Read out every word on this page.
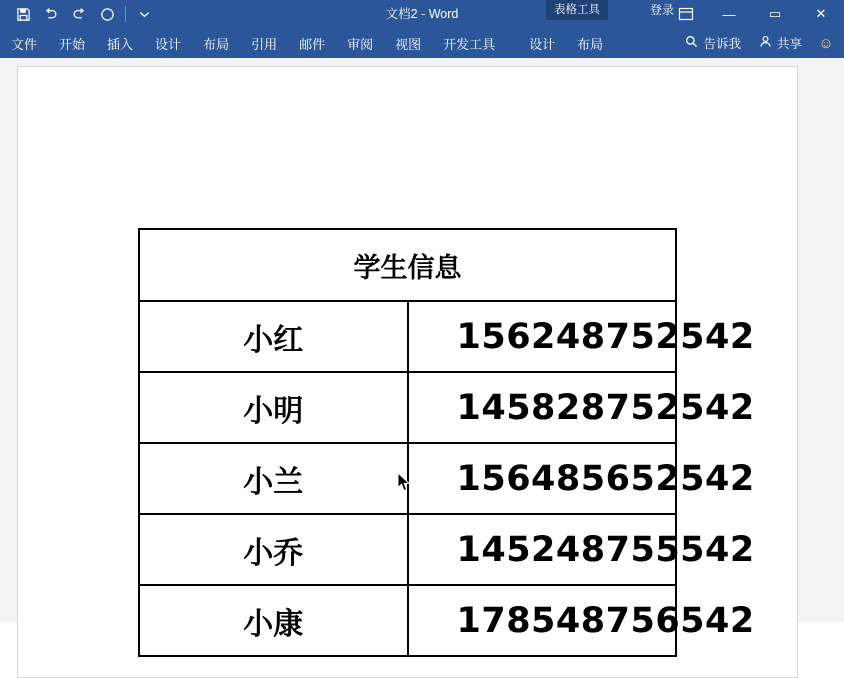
文档2 - Word	表格工具	登录	—	▭	✕
文件	开始	插入	设计	布局	引用	邮件	审阅	视图	开发工具	设计	布局	告诉我	共享	☺
学生信息	
小红	156248752542
小明	145828752542
小兰	156485652542
小乔	145248755542
小康	178548756542
